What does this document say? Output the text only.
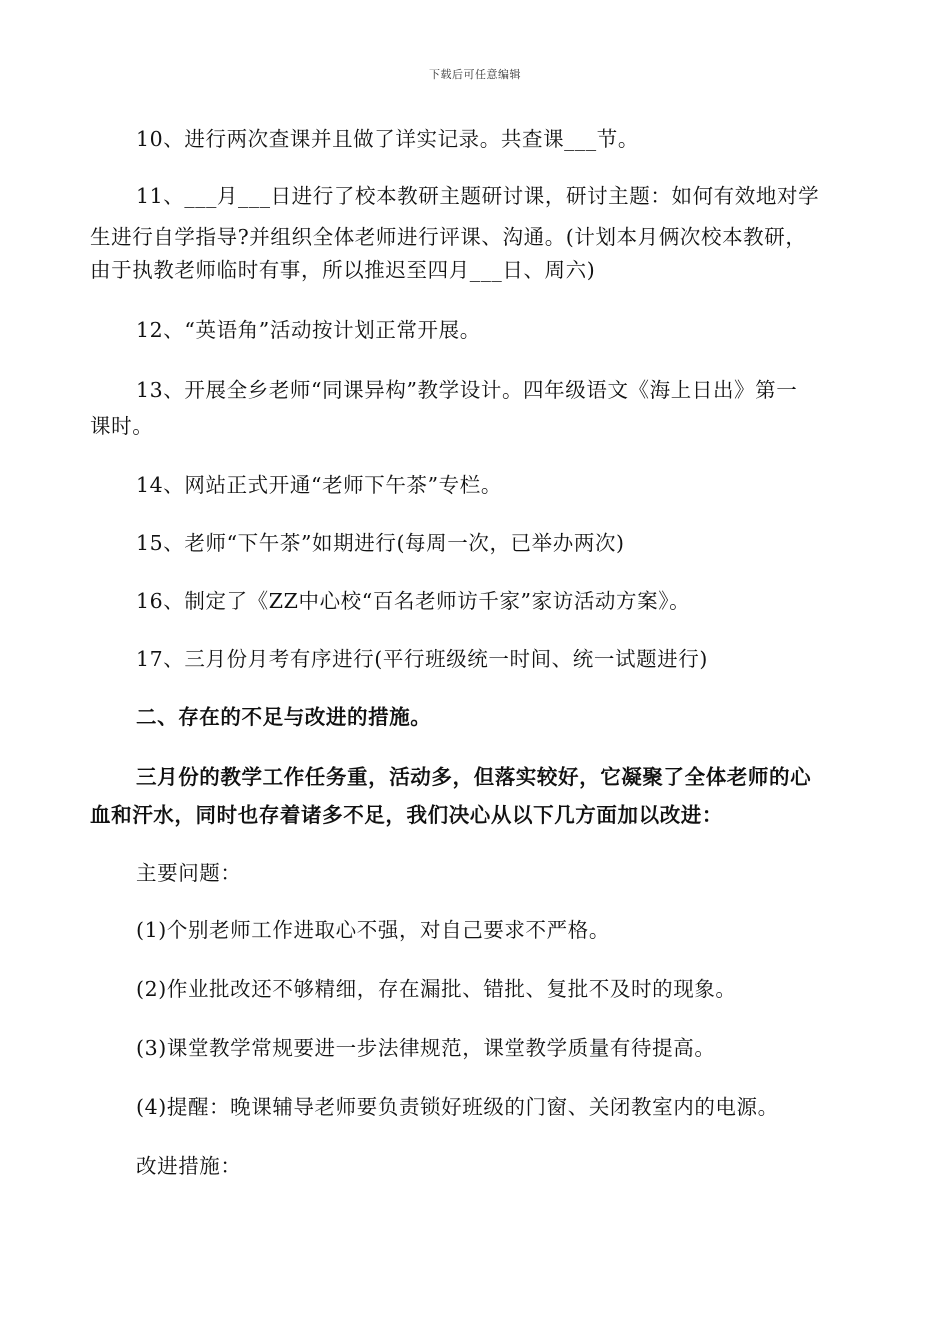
下载后可任意编辑
10、进行两次查课并且做了详实记录。共查课___节。
11、___月___日进行了校本教研主题研讨课，研讨主题：如何有效地对学
生进行自学指导?并组织全体老师进行评课、沟通。(计划本月俩次校本教研，
由于执教老师临时有事，所以推迟至四月___日、周六)
12、“英语角”活动按计划正常开展。
13、开展全乡老师“同课异构”教学设计。四年级语文《海上日出》第一
课时。
14、网站正式开通“老师下午茶”专栏。
15、老师“下午茶”如期进行(每周一次，已举办两次)
16、制定了《ZZ中心校“百名老师访千家”家访活动方案》。
17、三月份月考有序进行(平行班级统一时间、统一试题进行)
二、存在的不足与改进的措施。
三月份的教学工作任务重，活动多，但落实较好，它凝聚了全体老师的心
血和汗水，同时也存着诸多不足，我们决心从以下几方面加以改进：
主要问题：
(1)个别老师工作进取心不强，对自己要求不严格。
(2)作业批改还不够精细，存在漏批、错批、复批不及时的现象。
(3)课堂教学常规要进一步法律规范，课堂教学质量有待提高。
(4)提醒：晚课辅导老师要负责锁好班级的门窗、关闭教室内的电源。
改进措施：
